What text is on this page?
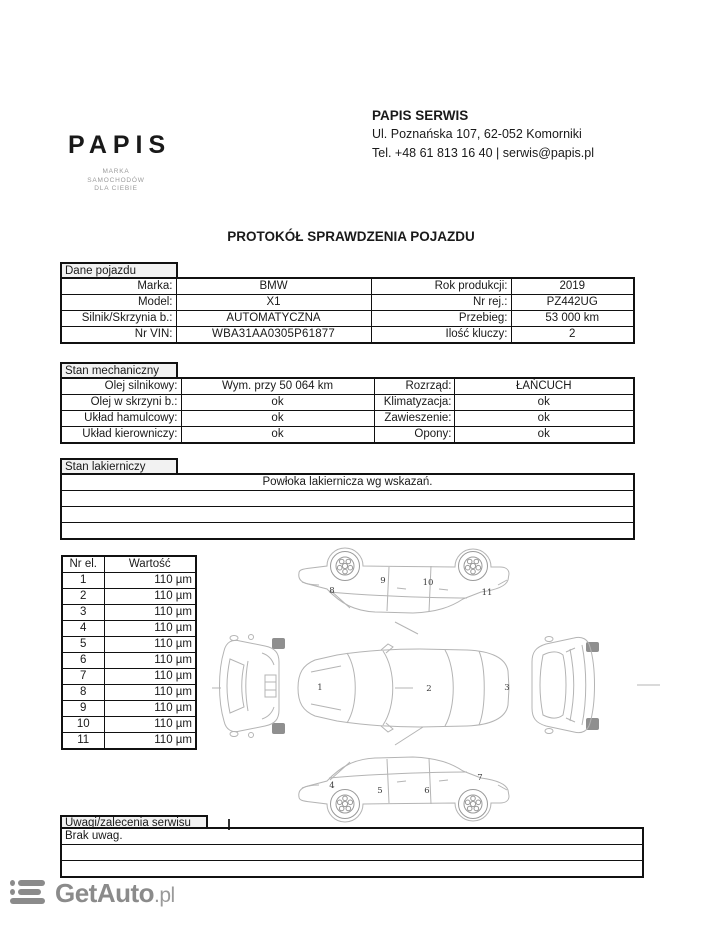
PAPIS
MARKA
SAMOCHODÓW
DLA CIEBIE
PAPIS SERWIS
Ul. Poznańska 107, 62-052 Komorniki
Tel. +48 61 813 16 40 | serwis@papis.pl
PROTOKÓŁ SPRAWDZENIA POJAZDU
Dane pojazdu
Marka:	BMW	Rok produkcji:	2019
Model:	X1	Nr rej.:	PZ442UG
Silnik/Skrzynia b.:	AUTOMATYCZNA	Przebieg:	53 000 km
Nr VIN:	WBA31AA0305P61877	Ilość kluczy:	2
Stan mechaniczny
Olej silnikowy:	Wym. przy 50 064 km	Rozrząd:	ŁAŃCUCH
Olej w skrzyni b.:	ok	Klimatyzacja:	ok
Układ hamulcowy:	ok	Zawieszenie:	ok
Układ kierowniczy:	ok	Opony:	ok
Stan lakierniczy
Powłoka lakiernicza wg wskazań.

Nr el.	Wartość
1	110 µm
2	110 µm
3	110 µm
4	110 µm
5	110 µm
6	110 µm
7	110 µm
8	110 µm
9	110 µm
10	110 µm
11	110 µm
1	2	3
4	5	6
7
8
9	10
11
Uwagi/zalecenia serwisu
Brak uwag.

GetAuto.pl
